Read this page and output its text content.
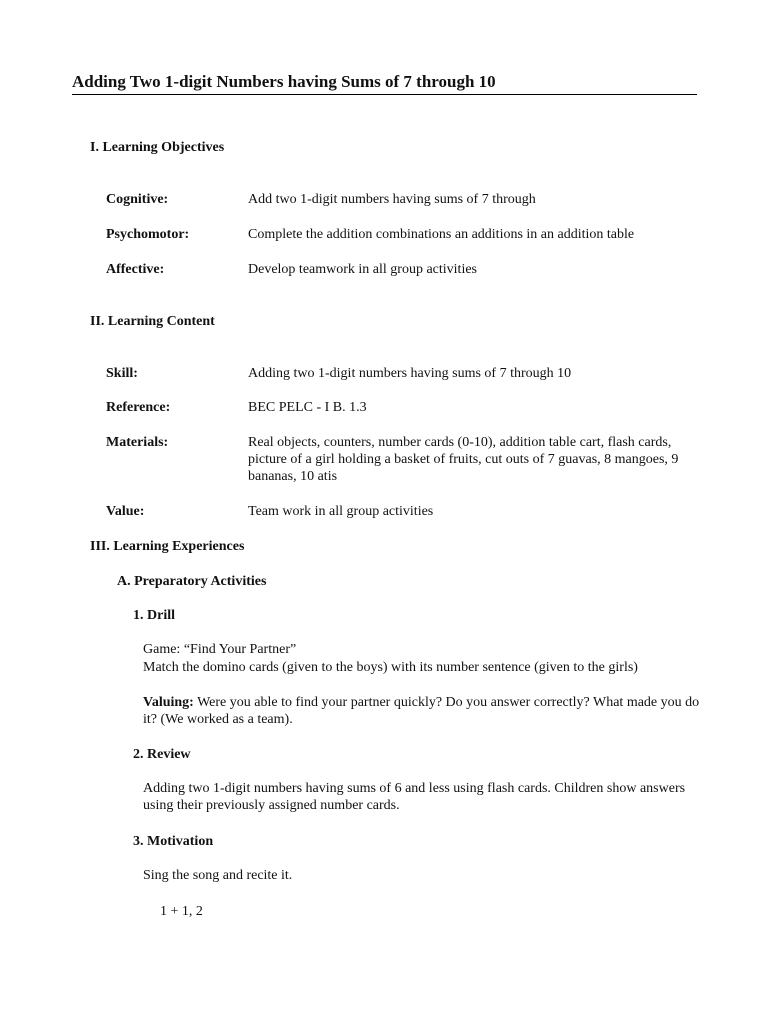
Adding Two 1-digit Numbers having Sums of 7 through 10
I. Learning Objectives
Cognitive:	Add two 1-digit numbers having sums of 7 through
Psychomotor:	Complete the addition combinations an additions in an addition table
Affective:	Develop teamwork in all group activities
II. Learning Content
Skill:	Adding two 1-digit numbers having sums of 7 through 10
Reference:	BEC PELC - I B. 1.3
Materials:	Real objects, counters, number cards (0-10), addition table cart, flash cards, picture of a girl holding a basket of fruits, cut outs of 7 guavas, 8 mangoes, 9 bananas, 10 atis
Value:	Team work in all group activities
III. Learning Experiences
A. Preparatory Activities
1. Drill
Game: “Find Your Partner”
Match the domino cards (given to the boys) with its number sentence (given to the girls)
Valuing: Were you able to find your partner quickly? Do you answer correctly? What made you do it? (We worked as a team).
2. Review
Adding two 1-digit numbers having sums of 6 and less using flash cards. Children show answers using their previously assigned number cards.
3. Motivation
Sing the song and recite it.
1 + 1, 2
